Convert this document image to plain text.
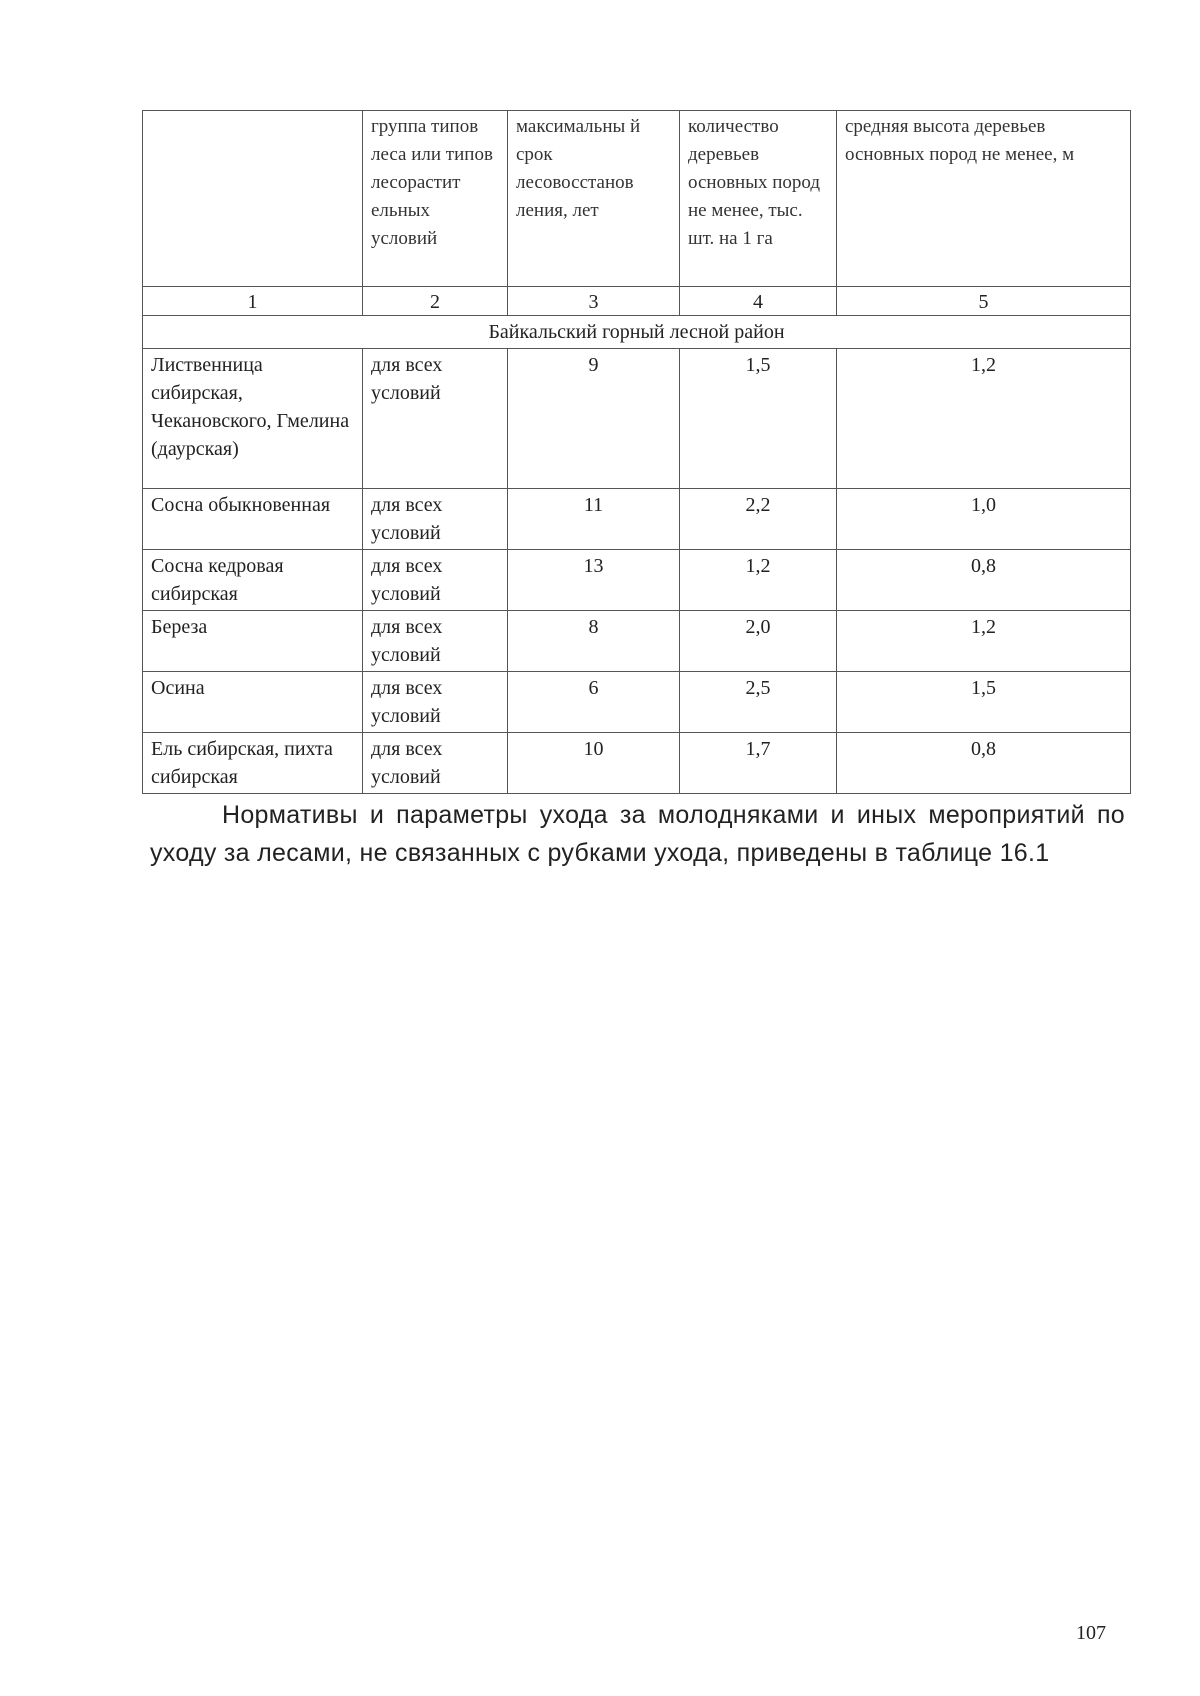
	группа типов леса или типов лесорастит ельных условий	максимальны й срок лесовосстанов ления, лет	количество деревьев основных пород не менее, тыс. шт. на 1 га	средняя высота деревьев основных пород не менее, м
1	2	3	4	5
Байкальский горный лесной район				
Лиственница сибирская, Чекановского, Гмелина (даурская)	для всех условий	9	1,5	1,2
Сосна обыкновенная	для всех условий	11	2,2	1,0
Сосна кедровая сибирская	для всех условий	13	1,2	0,8
Береза	для всех условий	8	2,0	1,2
Осина	для всех условий	6	2,5	1,5
Ель сибирская, пихта сибирская	для всех условий	10	1,7	0,8

Нормативы и параметры ухода за молодняками и иных мероприятий по уходу за лесами, не связанных с рубками ухода, приведены в таблице 16.1

107
